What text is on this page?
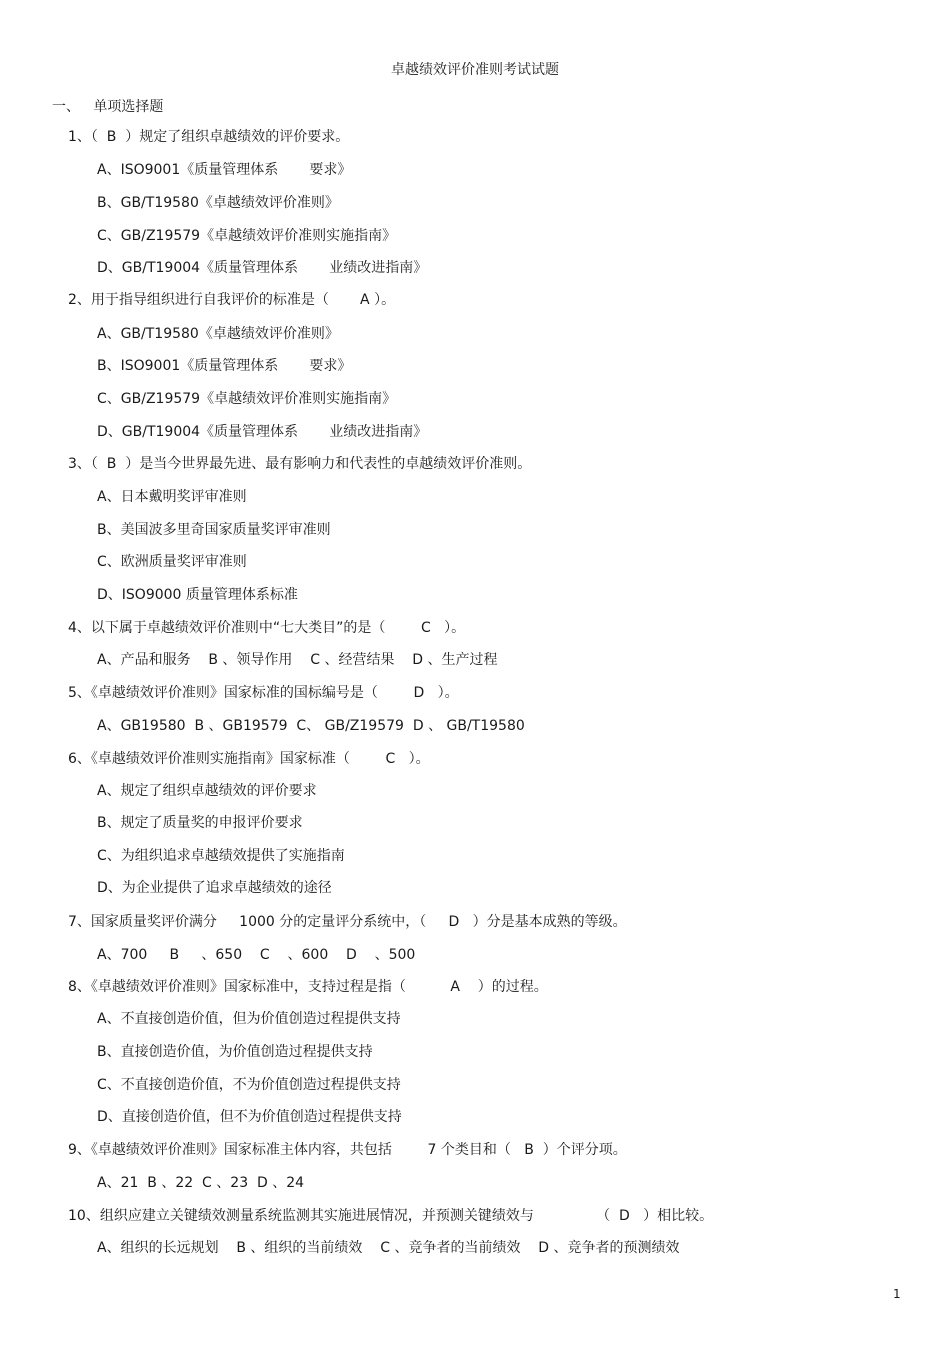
卓越绩效评价准则考试试题
一、   单项选择题
1、（  B  ）规定了组织卓越绩效的评价要求。
A、ISO9001《质量管理体系       要求》
B、GB/T19580《卓越绩效评价准则》
C、GB/Z19579《卓越绩效评价准则实施指南》
D、GB/T19004《质量管理体系       业绩改进指南》
2、用于指导组织进行自我评价的标准是（       A ）。
A、GB/T19580《卓越绩效评价准则》
B、ISO9001《质量管理体系       要求》
C、GB/Z19579《卓越绩效评价准则实施指南》
D、GB/T19004《质量管理体系       业绩改进指南》
3、（  B  ）是当今世界最先进、最有影响力和代表性的卓越绩效评价准则。
A、日本戴明奖评审准则
B、美国波多里奇国家质量奖评审准则
C、欧洲质量奖评审准则
D、ISO9000 质量管理体系标准
4、以下属于卓越绩效评价准则中“七大类目”的是（        C   ）。
A、产品和服务    B 、领导作用    C 、经营结果    D 、生产过程
5、《卓越绩效评价准则》国家标准的国标编号是（        D   ）。
A、GB19580  B 、GB19579  C、 GB/Z19579  D 、 GB/T19580
6、《卓越绩效评价准则实施指南》国家标准（        C   ）。
A、规定了组织卓越绩效的评价要求
B、规定了质量奖的申报评价要求
C、为组织追求卓越绩效提供了实施指南
D、为企业提供了追求卓越绩效的途径
7、国家质量奖评价满分     1000 分的定量评分系统中，（     D   ）分是基本成熟的等级。
A、700     B     、650    C    、600    D    、500
8、《卓越绩效评价准则》国家标准中，支持过程是指（          A    ）的过程。
A、不直接创造价值，但为价值创造过程提供支持
B、直接创造价值，为价值创造过程提供支持
C、不直接创造价值，不为价值创造过程提供支持
D、直接创造价值，但不为价值创造过程提供支持
9、《卓越绩效评价准则》国家标准主体内容，共包括        7 个类目和（   B  ）个评分项。
A、21  B 、22  C 、23  D 、24
10、组织应建立关键绩效测量系统监测其实施进展情况，并预测关键绩效与              （  D   ）相比较。
A、组织的长远规划    B 、组织的当前绩效    C 、竞争者的当前绩效    D 、竞争者的预测绩效
1
